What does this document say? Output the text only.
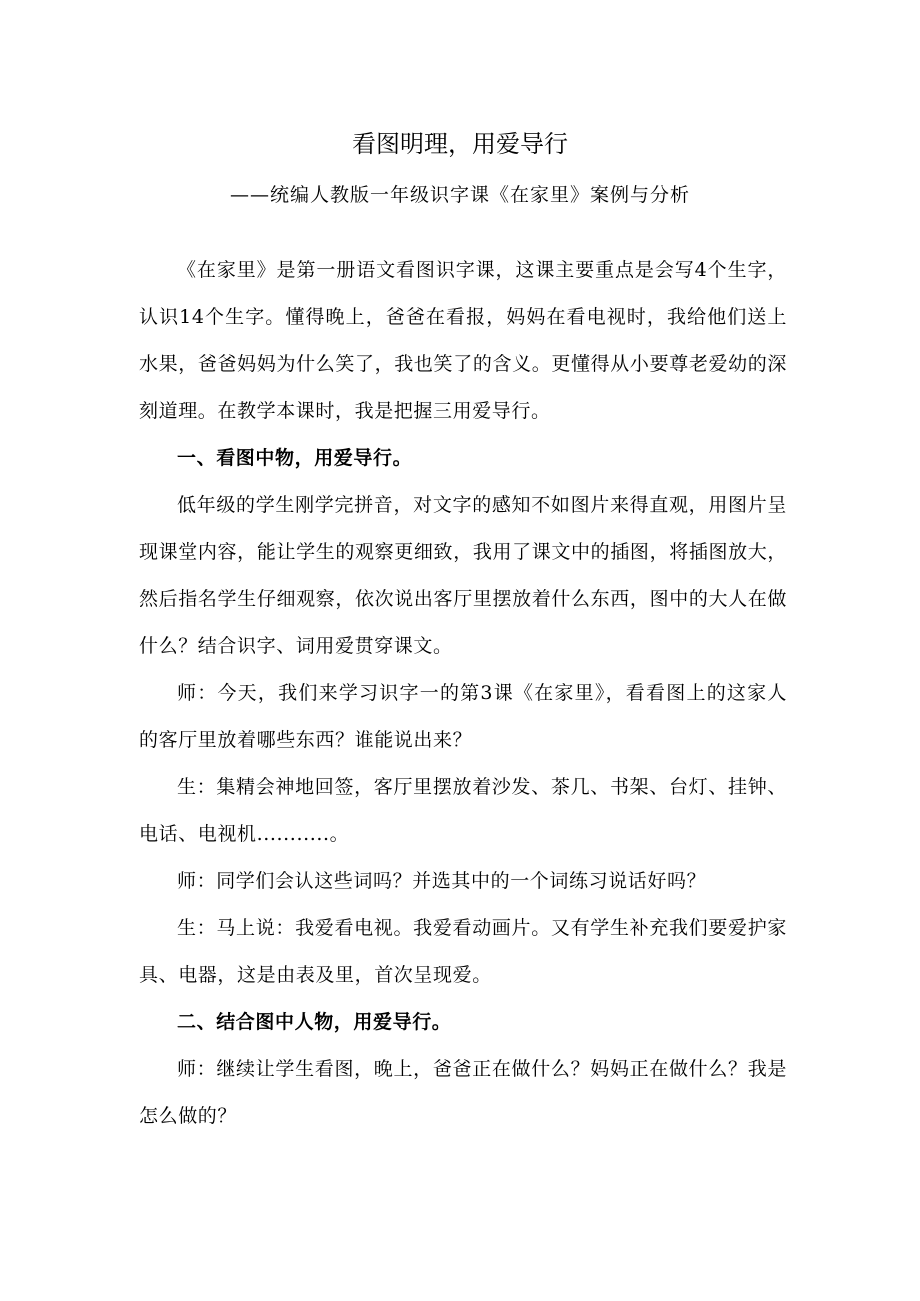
看图明理，用爱导行
——统编人教版一年级识字课《在家里》案例与分析

《在家里》是第一册语文看图识字课，这课主要重点是会写4个生字，认识14个生字。懂得晚上，爸爸在看报，妈妈在看电视时，我给他们送上水果，爸爸妈妈为什么笑了，我也笑了的含义。更懂得从小要尊老爱幼的深刻道理。在教学本课时，我是把握三用爱导行。

一、看图中物，用爱导行。

低年级的学生刚学完拼音，对文字的感知不如图片来得直观，用图片呈现课堂内容，能让学生的观察更细致，我用了课文中的插图，将插图放大，然后指名学生仔细观察，依次说出客厅里摆放着什么东西，图中的大人在做什么？结合识字、词用爱贯穿课文。

师：今天，我们来学习识字一的第3课《在家里》，看看图上的这家人的客厅里放着哪些东西？谁能说出来？

生：集精会神地回签，客厅里摆放着沙发、茶几、书架、台灯、挂钟、电话、电视机...........。

师：同学们会认这些词吗？并选其中的一个词练习说话好吗？

生：马上说：我爱看电视。我爱看动画片。又有学生补充我们要爱护家具、电器，这是由表及里，首次呈现爱。

二、结合图中人物，用爱导行。

师：继续让学生看图，晚上，爸爸正在做什么？妈妈正在做什么？我是怎么做的？
